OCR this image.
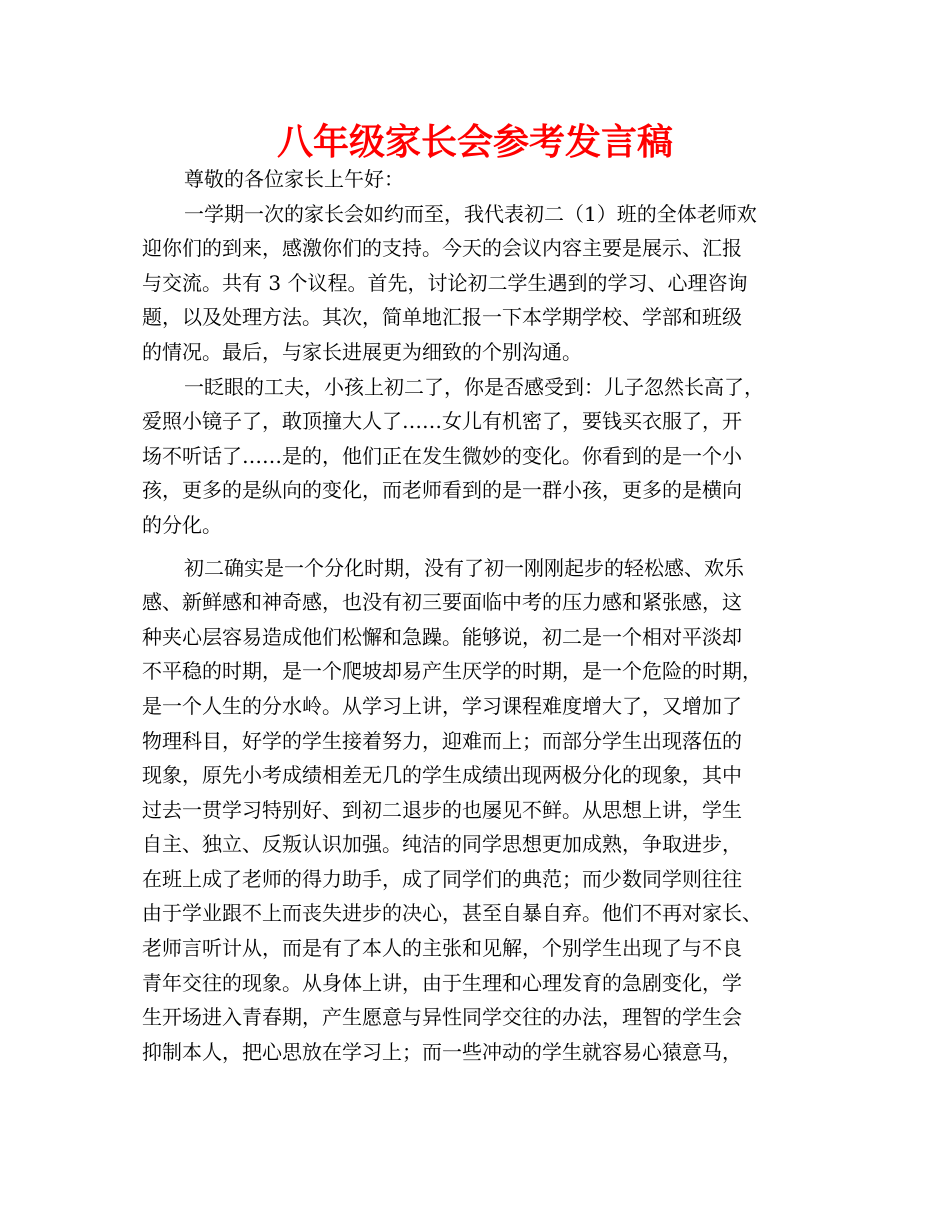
八年级家长会参考发言稿
尊敬的各位家长上午好：
一学期一次的家长会如约而至，我代表初二（1）班的全体老师欢
迎你们的到来，感激你们的支持。今天的会议内容主要是展示、汇报
与交流。共有 3 个议程。首先，讨论初二学生遇到的学习、心理咨询
题，以及处理方法。其次，简单地汇报一下本学期学校、学部和班级
的情况。最后，与家长进展更为细致的个别沟通。
一眨眼的工夫，小孩上初二了，你是否感受到：儿子忽然长高了，
爱照小镜子了，敢顶撞大人了……女儿有机密了，要钱买衣服了，开
场不听话了……是的，他们正在发生微妙的变化。你看到的是一个小
孩，更多的是纵向的变化，而老师看到的是一群小孩，更多的是横向
的分化。
初二确实是一个分化时期，没有了初一刚刚起步的轻松感、欢乐
感、新鲜感和神奇感，也没有初三要面临中考的压力感和紧张感，这
种夹心层容易造成他们松懈和急躁。能够说，初二是一个相对平淡却
不平稳的时期，是一个爬坡却易产生厌学的时期，是一个危险的时期，
是一个人生的分水岭。从学习上讲，学习课程难度增大了，又增加了
物理科目，好学的学生接着努力，迎难而上；而部分学生出现落伍的
现象，原先小考成绩相差无几的学生成绩出现两极分化的现象，其中
过去一贯学习特别好、到初二退步的也屡见不鲜。从思想上讲，学生
自主、独立、反叛认识加强。纯洁的同学思想更加成熟，争取进步，
在班上成了老师的得力助手，成了同学们的典范；而少数同学则往往
由于学业跟不上而丧失进步的决心，甚至自暴自弃。他们不再对家长、
老师言听计从，而是有了本人的主张和见解，个别学生出现了与不良
青年交往的现象。从身体上讲，由于生理和心理发育的急剧变化，学
生开场进入青春期，产生愿意与异性同学交往的办法，理智的学生会
抑制本人，把心思放在学习上；而一些冲动的学生就容易心猿意马，
